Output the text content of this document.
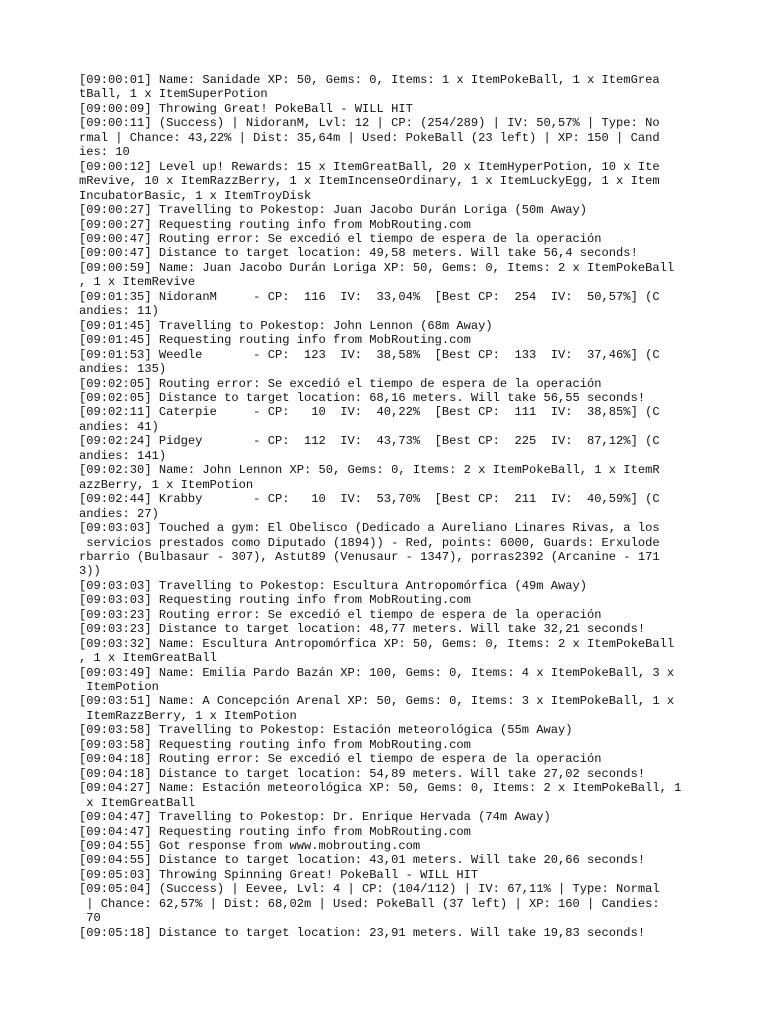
[09:00:01] Name: Sanidade XP: 50, Gems: 0, Items: 1 x ItemPokeBall, 1 x ItemGrea
tBall, 1 x ItemSuperPotion
[09:00:09] Throwing Great! PokeBall - WILL HIT
[09:00:11] (Success) | NidoranM, Lvl: 12 | CP: (254/289) | IV: 50,57% | Type: No
rmal | Chance: 43,22% | Dist: 35,64m | Used: PokeBall (23 left) | XP: 150 | Cand
ies: 10
[09:00:12] Level up! Rewards: 15 x ItemGreatBall, 20 x ItemHyperPotion, 10 x Ite
mRevive, 10 x ItemRazzBerry, 1 x ItemIncenseOrdinary, 1 x ItemLuckyEgg, 1 x Item
IncubatorBasic, 1 x ItemTroyDisk
[09:00:27] Travelling to Pokestop: Juan Jacobo Durán Loriga (50m Away)
[09:00:27] Requesting routing info from MobRouting.com
[09:00:47] Routing error: Se excedió el tiempo de espera de la operación
[09:00:47] Distance to target location: 49,58 meters. Will take 56,4 seconds!
[09:00:59] Name: Juan Jacobo Durán Loriga XP: 50, Gems: 0, Items: 2 x ItemPokeBall
, 1 x ItemRevive
[09:01:35] NidoranM     - CP:  116  IV:  33,04%  [Best CP:  254  IV:  50,57%] (C
andies: 11)
[09:01:45] Travelling to Pokestop: John Lennon (68m Away)
[09:01:45] Requesting routing info from MobRouting.com
[09:01:53] Weedle       - CP:  123  IV:  38,58%  [Best CP:  133  IV:  37,46%] (C
andies: 135)
[09:02:05] Routing error: Se excedió el tiempo de espera de la operación
[09:02:05] Distance to target location: 68,16 meters. Will take 56,55 seconds!
[09:02:11] Caterpie     - CP:   10  IV:  40,22%  [Best CP:  111  IV:  38,85%] (C
andies: 41)
[09:02:24] Pidgey       - CP:  112  IV:  43,73%  [Best CP:  225  IV:  87,12%] (C
andies: 141)
[09:02:30] Name: John Lennon XP: 50, Gems: 0, Items: 2 x ItemPokeBall, 1 x ItemR
azzBerry, 1 x ItemPotion
[09:02:44] Krabby       - CP:   10  IV:  53,70%  [Best CP:  211  IV:  40,59%] (C
andies: 27)
[09:03:03] Touched a gym: El Obelisco (Dedicado a Aureliano Linares Rivas, a los
servicios prestados como Diputado (1894)) - Red, points: 6000, Guards: Erxulode
rbarrio (Bulbasaur - 307), Astut89 (Venusaur - 1347), porras2392 (Arcanine - 171
3))
[09:03:03] Travelling to Pokestop: Escultura Antropomórfica (49m Away)
[09:03:03] Requesting routing info from MobRouting.com
[09:03:23] Routing error: Se excedió el tiempo de espera de la operación
[09:03:23] Distance to target location: 48,77 meters. Will take 32,21 seconds!
[09:03:32] Name: Escultura Antropomórfica XP: 50, Gems: 0, Items: 2 x ItemPokeBall
, 1 x ItemGreatBall
[09:03:49] Name: Emilia Pardo Bazán XP: 100, Gems: 0, Items: 4 x ItemPokeBall, 3 x
ItemPotion
[09:03:51] Name: A Concepción Arenal XP: 50, Gems: 0, Items: 3 x ItemPokeBall, 1 x
ItemRazzBerry, 1 x ItemPotion
[09:03:58] Travelling to Pokestop: Estación meteorológica (55m Away)
[09:03:58] Requesting routing info from MobRouting.com
[09:04:18] Routing error: Se excedió el tiempo de espera de la operación
[09:04:18] Distance to target location: 54,89 meters. Will take 27,02 seconds!
[09:04:27] Name: Estación meteorológica XP: 50, Gems: 0, Items: 2 x ItemPokeBall, 1
x ItemGreatBall
[09:04:47] Travelling to Pokestop: Dr. Enrique Hervada (74m Away)
[09:04:47] Requesting routing info from MobRouting.com
[09:04:55] Got response from www.mobrouting.com
[09:04:55] Distance to target location: 43,01 meters. Will take 20,66 seconds!
[09:05:03] Throwing Spinning Great! PokeBall - WILL HIT
[09:05:04] (Success) | Eevee, Lvl: 4 | CP: (104/112) | IV: 67,11% | Type: Normal
| Chance: 62,57% | Dist: 68,02m | Used: PokeBall (37 left) | XP: 160 | Candies:
70
[09:05:18] Distance to target location: 23,91 meters. Will take 19,83 seconds!
